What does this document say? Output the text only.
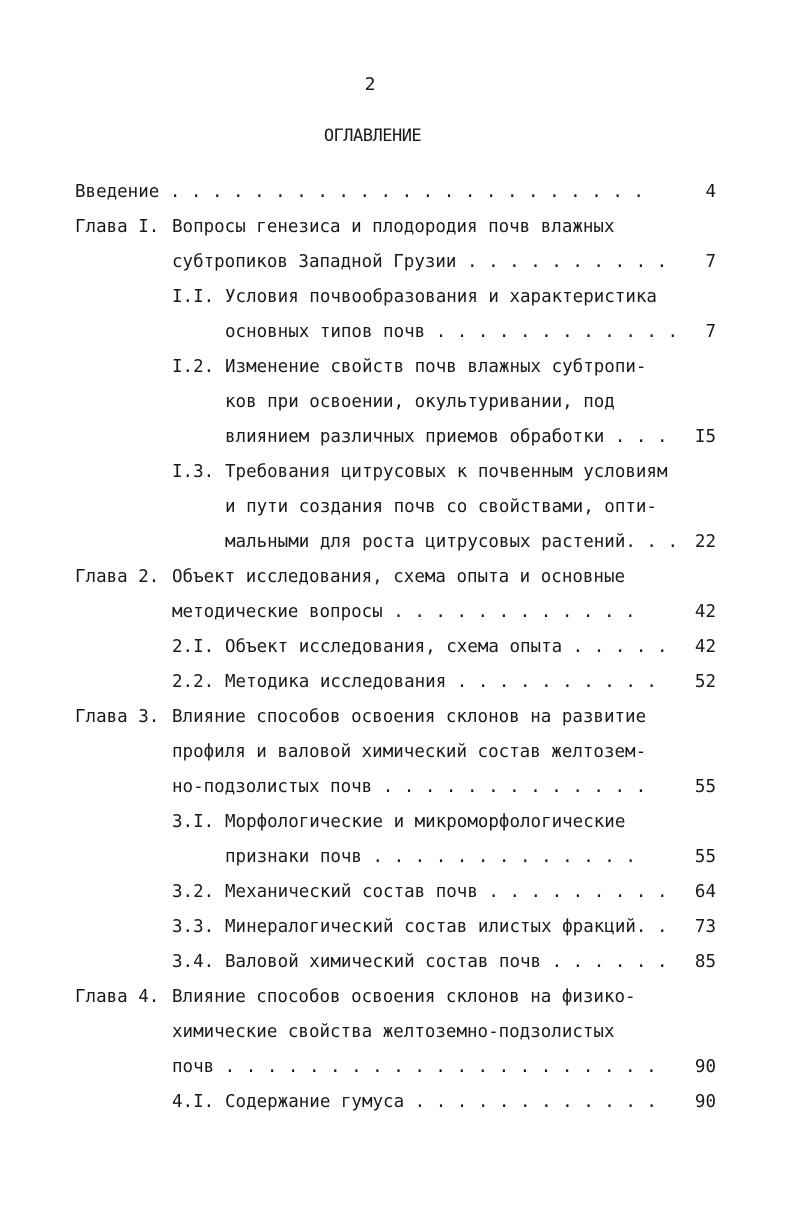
2
ОГЛАВЛЕНИЕ
Введение . . . . . . . . . . . . . . . . . . . . . . .	4
Глава I. Вопросы генезиса и плодородия почв влажных
субтропиков Западной Грузии . . . . . . . . . . 7
I.I. Условия почвообразования и характеристика
основных типов почв . . . . . . . . . . . . 7
I.2. Изменение свойств почв влажных субтропи-
ков при освоении, окультуривании, под
влиянием различных приемов обработки . . . I5
I.3. Требования цитрусовых к почвенным условиям
и пути создания почв со свойствами, опти-
мальными для роста цитрусовых растений. . . 22
Глава 2. Объект исследования, схема опыта и основные
методические вопросы . . . . . . . . . . . .	42
2.I. Объект исследования, схема опыта . . . . . 42
2.2. Методика исследования . . . . . . . . . . 52
Глава 3. Влияние способов освоения склонов на развитие
профиля и валовой химический состав желтозем-
но-подзолистых почв . . . . . . . . . . . . .	55
3.I. Морфологические и микроморфологические
признаки почв . . . . . . . . . . . . .	55
3.2. Механический состав почв . . . . . . . . . 64
3.3. Минералогический состав илистых фракций. . 73
3.4. Валовой химический состав почв . . . . . . 85
Глава 4. Влияние способов освоения склонов на физико-
химические свойства желтоземно-подзолистых
почв . . . . . . . . . . . . . . . . . . . . . 90
4.I. Содержание гумуса . . . . . . . . . . . . 90
